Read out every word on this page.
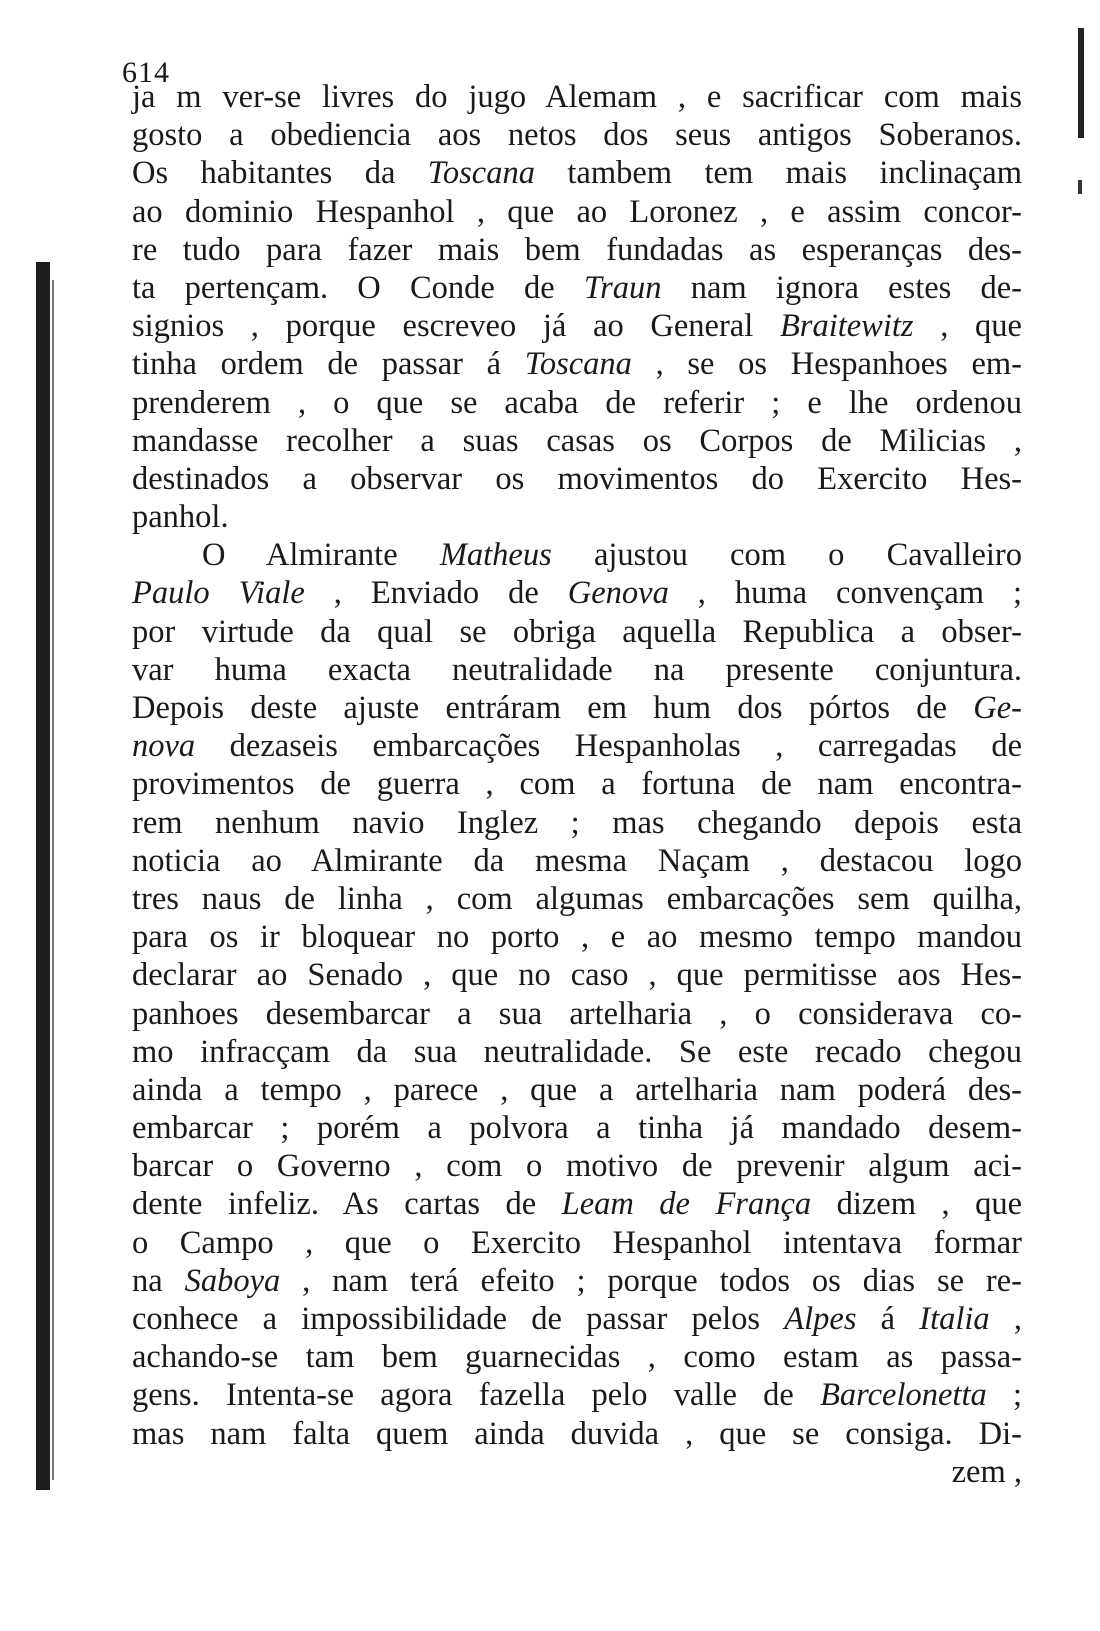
614
ja m ver-se livres do jugo Alemam , e sacrificar com mais
gosto a obediencia aos netos dos seus antigos Soberanos.
Os habitantes da Toscana tambem tem mais inclinaçam
ao dominio Hespanhol , que ao Loronez , e assim concor-
re tudo para fazer mais bem fundadas as esperanças des-
ta pertençam. O Conde de Traun nam ignora estes de-
signios , porque escreveo já ao General Braitewitz , que
tinha ordem de passar á Toscana , se os Hespanhoes em-
prenderem , o que se acaba de referir ; e lhe ordenou
mandasse recolher a suas casas os Corpos de Milicias ,
destinados a observar os movimentos do Exercito Hes-
panhol.
O Almirante Matheus ajustou com o Cavalleiro
Paulo Viale , Enviado de Genova , huma convençam ;
por virtude da qual se obriga aquella Republica a obser-
var huma exacta neutralidade na presente conjuntura.
Depois deste ajuste entráram em hum dos pórtos de Ge-
nova dezaseis embarcações Hespanholas , carregadas de
provimentos de guerra , com a fortuna de nam encontra-
rem nenhum navio Inglez ; mas chegando depois esta
noticia ao Almirante da mesma Naçam , destacou logo
tres naus de linha , com algumas embarcações sem quilha,
para os ir bloquear no porto , e ao mesmo tempo mandou
declarar ao Senado , que no caso , que permitisse aos Hes-
panhoes desembarcar a sua artelharia , o considerava co-
mo infracçam da sua neutralidade. Se este recado chegou
ainda a tempo , parece , que a artelharia nam poderá des-
embarcar ; porém a polvora a tinha já mandado desem-
barcar o Governo , com o motivo de prevenir algum aci-
dente infeliz. As cartas de Leam de França dizem , que
o Campo , que o Exercito Hespanhol intentava formar
na Saboya , nam terá efeito ; porque todos os dias se re-
conhece a impossibilidade de passar pelos Alpes á Italia ,
achando-se tam bem guarnecidas , como estam as passa-
gens. Intenta-se agora fazella pelo valle de Barcelonetta ;
mas nam falta quem ainda duvida , que se consiga. Di-
zem ,
